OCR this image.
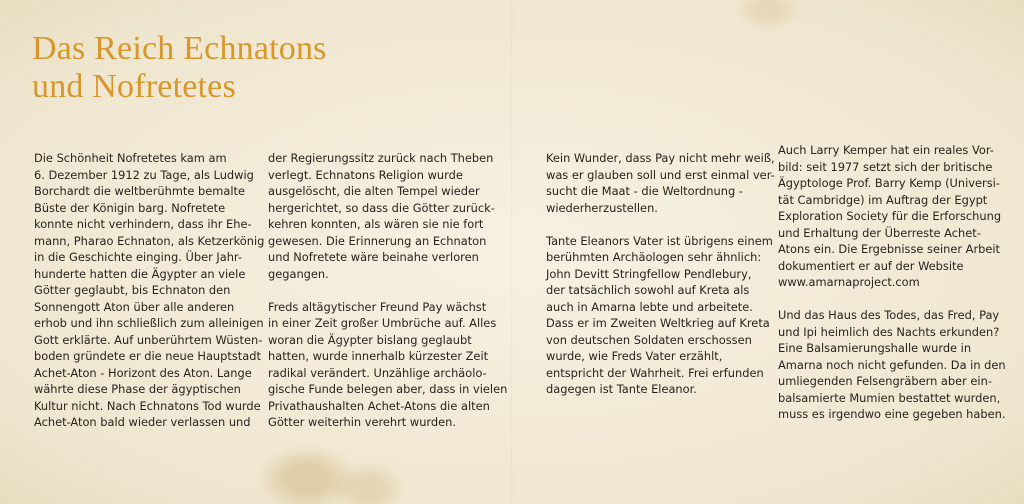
Das Reich Echnatons
und Nofretetes

Die Schönheit Nofretetes kam am
6. Dezember 1912 zu Tage, als Ludwig
Borchardt die weltberühmte bemalte
Büste der Königin barg. Nofretete
konnte nicht verhindern, dass ihr Ehe-
mann, Pharao Echnaton, als Ketzerkönig
in die Geschichte einging. Über Jahr-
hunderte hatten die Ägypter an viele
Götter geglaubt, bis Echnaton den
Sonnengott Aton über alle anderen
erhob und ihn schließlich zum alleinigen
Gott erklärte. Auf unberührtem Wüsten-
boden gründete er die neue Hauptstadt
Achet-Aton - Horizont des Aton. Lange
währte diese Phase der ägyptischen
Kultur nicht. Nach Echnatons Tod wurde
Achet-Aton bald wieder verlassen und

der Regierungssitz zurück nach Theben
verlegt. Echnatons Religion wurde
ausgelöscht, die alten Tempel wieder
hergerichtet, so dass die Götter zurück-
kehren konnten, als wären sie nie fort
gewesen. Die Erinnerung an Echnaton
und Nofretete wäre beinahe verloren
gegangen.

Freds altägytischer Freund Pay wächst
in einer Zeit großer Umbrüche auf. Alles
woran die Ägypter bislang geglaubt
hatten, wurde innerhalb kürzester Zeit
radikal verändert. Unzählige archäolo-
gische Funde belegen aber, dass in vielen
Privathaushalten Achet-Atons die alten
Götter weiterhin verehrt wurden.

Kein Wunder, dass Pay nicht mehr weiß,
was er glauben soll und erst einmal ver-
sucht die Maat - die Weltordnung -
wiederherzustellen.

Tante Eleanors Vater ist übrigens einem
berühmten Archäologen sehr ähnlich:
John Devitt Stringfellow Pendlebury,
der tatsächlich sowohl auf Kreta als
auch in Amarna lebte und arbeitete.
Dass er im Zweiten Weltkrieg auf Kreta
von deutschen Soldaten erschossen
wurde, wie Freds Vater erzählt,
entspricht der Wahrheit. Frei erfunden
dagegen ist Tante Eleanor.

Auch Larry Kemper hat ein reales Vor-
bild: seit 1977 setzt sich der britische
Ägyptologe Prof. Barry Kemp (Universi-
tät Cambridge) im Auftrag der Egypt
Exploration Society für die Erforschung
und Erhaltung der Überreste Achet-
Atons ein. Die Ergebnisse seiner Arbeit
dokumentiert er auf der Website
www.amarnaproject.com

Und das Haus des Todes, das Fred, Pay
und Ipi heimlich des Nachts erkunden?
Eine Balsamierungshalle wurde in
Amarna noch nicht gefunden. Da in den
umliegenden Felsengräbern aber ein-
balsamierte Mumien bestattet wurden,
muss es irgendwo eine gegeben haben.
